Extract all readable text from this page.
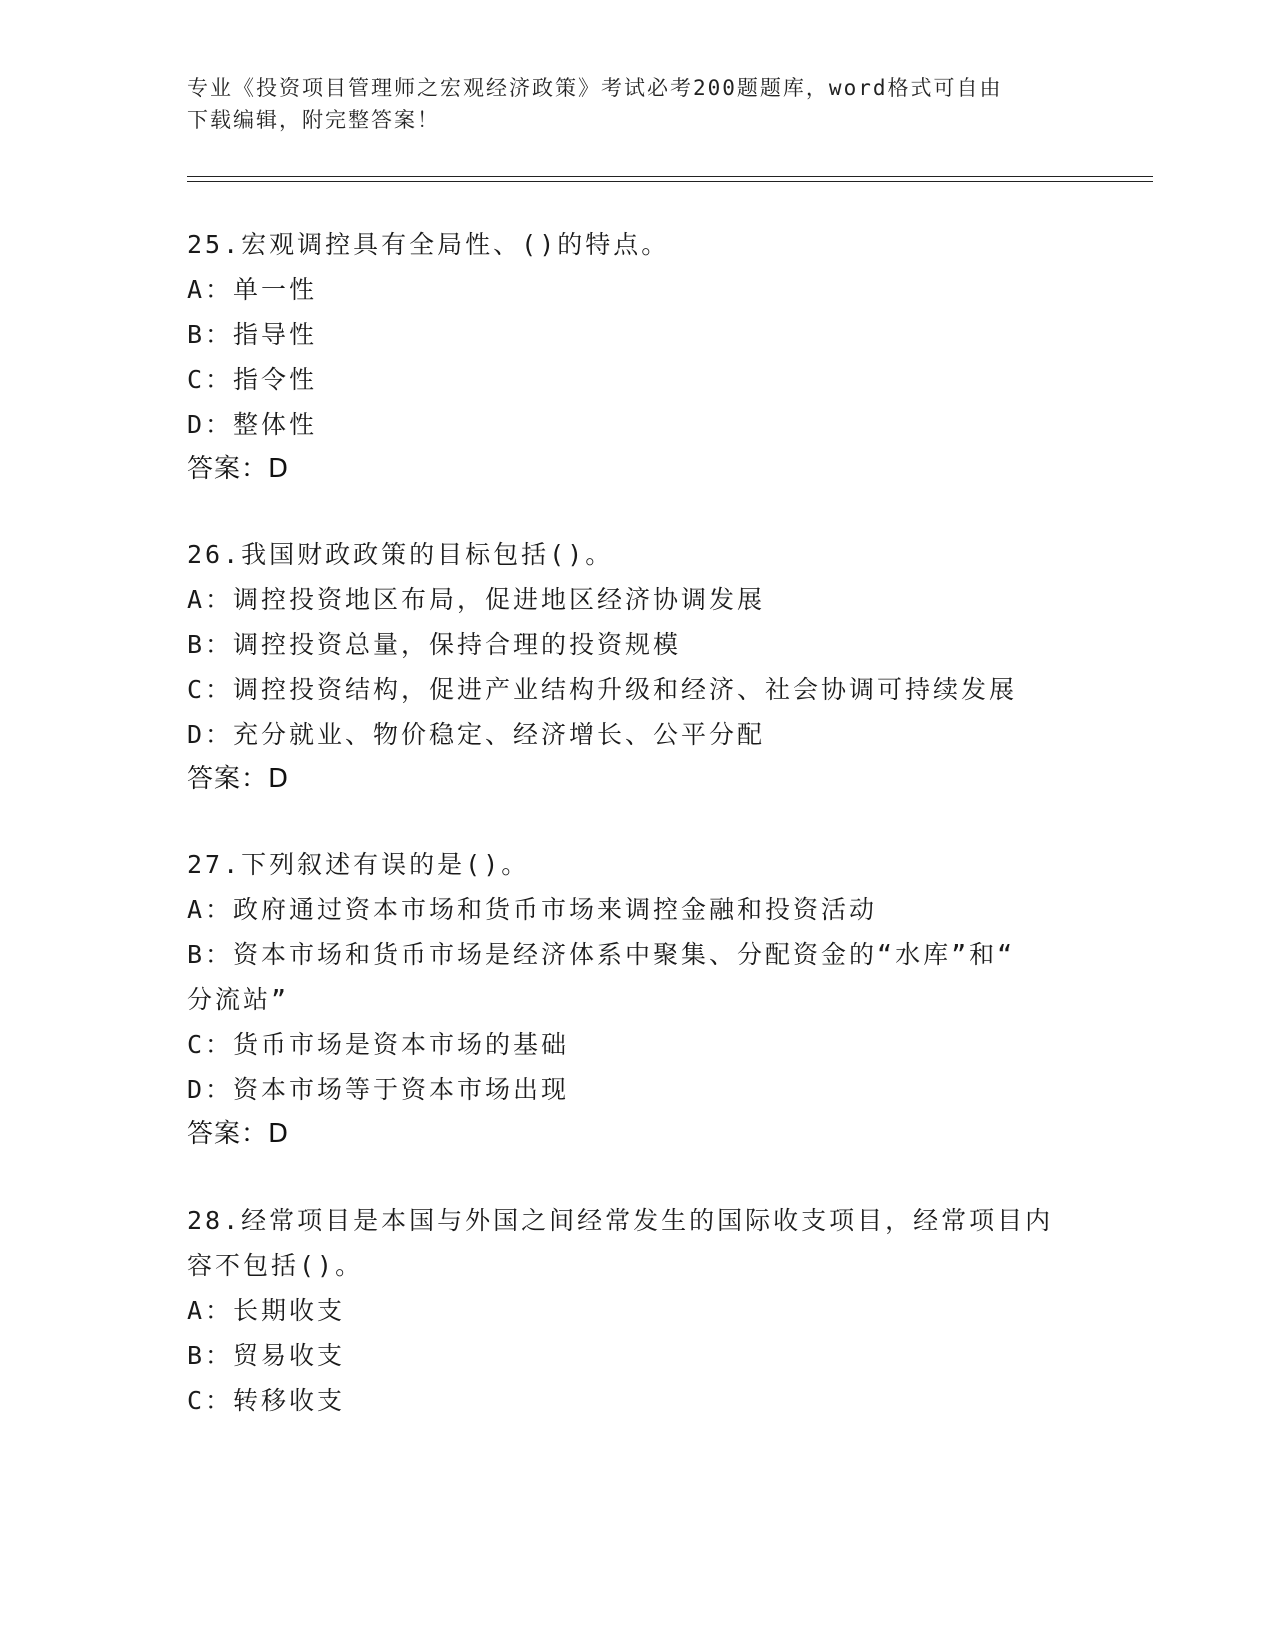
专业《投资项目管理师之宏观经济政策》考试必考200题题库，word格式可自由
下载编辑，附完整答案！

25.宏观调控具有全局性、()的特点。

A：单一性

B：指导性

C：指令性

D：整体性

答案：D

26.我国财政政策的目标包括()。

A：调控投资地区布局，促进地区经济协调发展

B：调控投资总量，保持合理的投资规模

C：调控投资结构，促进产业结构升级和经济、社会协调可持续发展

D：充分就业、物价稳定、经济增长、公平分配

答案：D

27.下列叙述有误的是()。

A：政府通过资本市场和货币市场来调控金融和投资活动

B：资本市场和货币市场是经济体系中聚集、分配资金的“水库”和“

分流站”

C：货币市场是资本市场的基础

D：资本市场等于资本市场出现

答案：D

28.经常项目是本国与外国之间经常发生的国际收支项目，经常项目内

容不包括()。

A：长期收支

B：贸易收支

C：转移收支
